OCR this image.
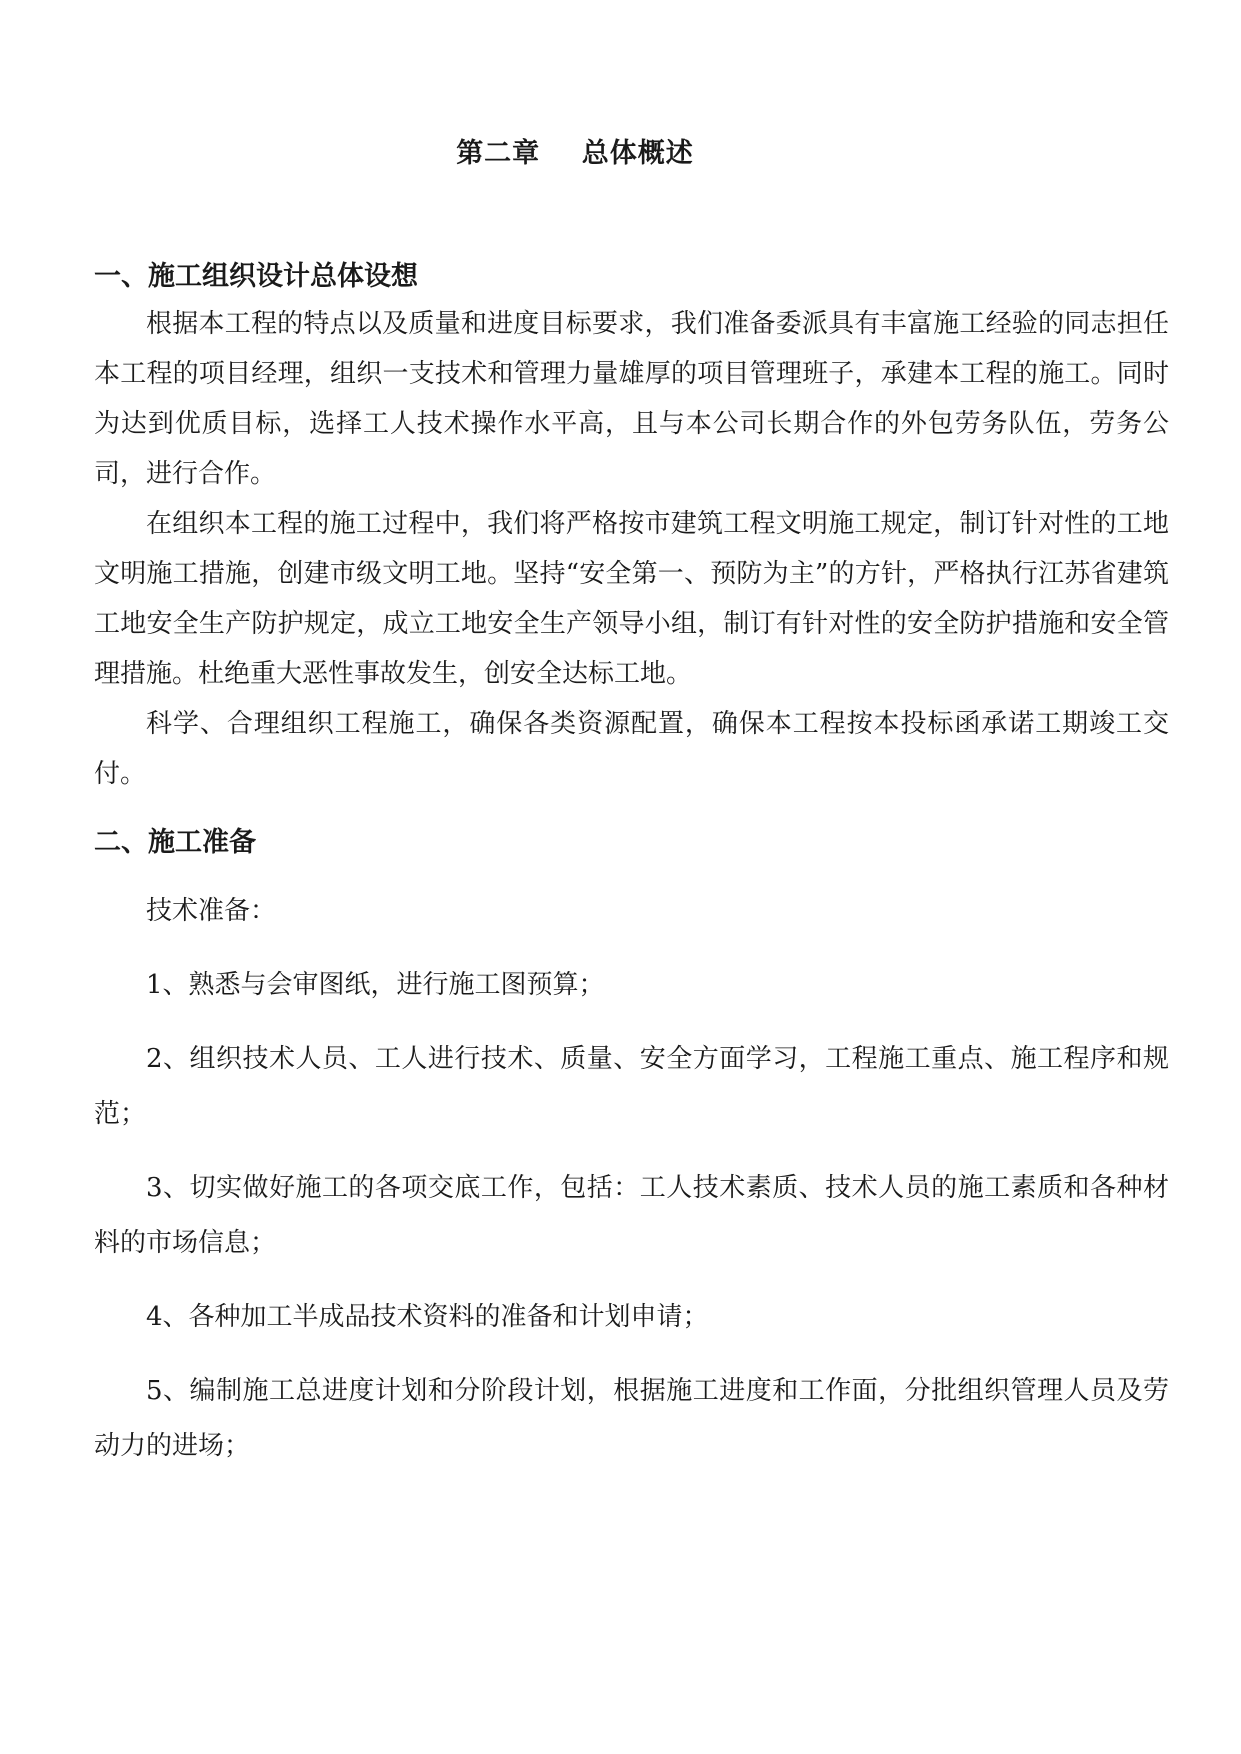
第二章    总体概述
一、施工组织设计总体设想

根据本工程的特点以及质量和进度目标要求，我们准备委派具有丰富施工经验的同志担任本工程的项目经理，组织一支技术和管理力量雄厚的项目管理班子，承建本工程的施工。同时为达到优质目标，选择工人技术操作水平高，且与本公司长期合作的外包劳务队伍，劳务公司，进行合作。

在组织本工程的施工过程中，我们将严格按市建筑工程文明施工规定，制订针对性的工地文明施工措施，创建市级文明工地。坚持“安全第一、预防为主”的方针，严格执行江苏省建筑工地安全生产防护规定，成立工地安全生产领导小组，制订有针对性的安全防护措施和安全管理措施。杜绝重大恶性事故发生，创安全达标工地。

科学、合理组织工程施工，确保各类资源配置，确保本工程按本投标函承诺工期竣工交付。

二、施工准备

技术准备：

1、熟悉与会审图纸，进行施工图预算；

2、组织技术人员、工人进行技术、质量、安全方面学习，工程施工重点、施工程序和规范；

3、切实做好施工的各项交底工作，包括：工人技术素质、技术人员的施工素质和各种材料的市场信息；

4、各种加工半成品技术资料的准备和计划申请；

5、编制施工总进度计划和分阶段计划，根据施工进度和工作面，分批组织管理人员及劳动力的进场；
